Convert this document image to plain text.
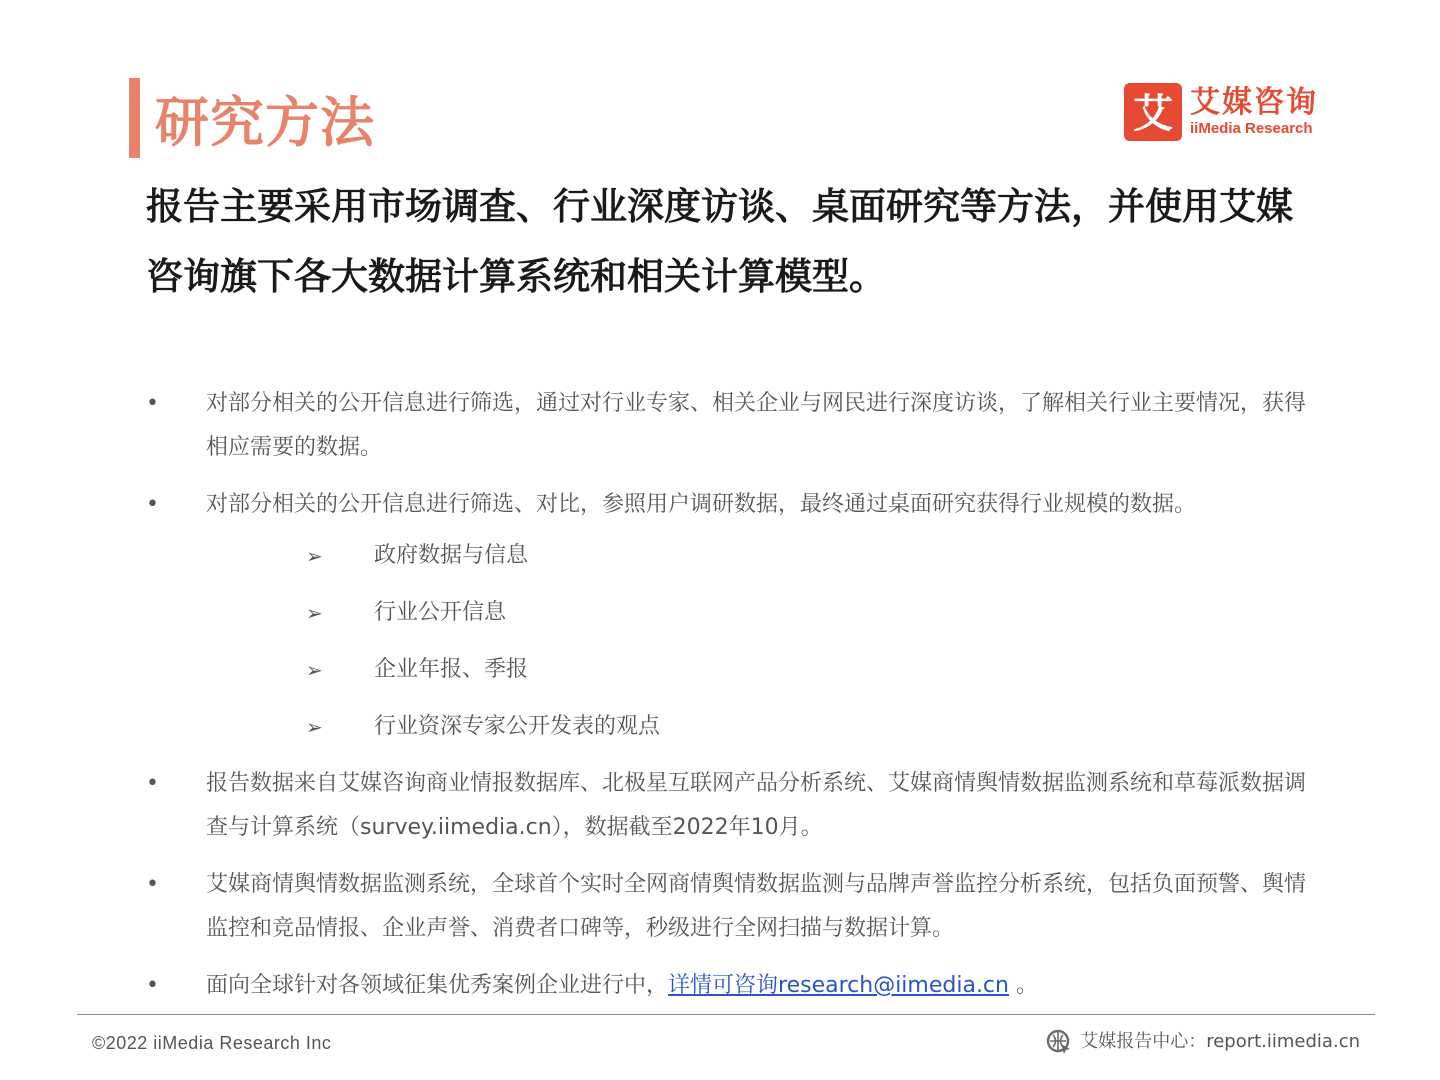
研究方法	艾 艾媒咨询
iiMedia Research

报告主要采用市场调查、行业深度访谈、桌面研究等方法，并使用艾媒咨询旗下各大数据计算系统和相关计算模型。

• 对部分相关的公开信息进行筛选，通过对行业专家、相关企业与网民进行深度访谈，了解相关行业主要情况，获得相应需要的数据。
• 对部分相关的公开信息进行筛选、对比，参照用户调研数据，最终通过桌面研究获得行业规模的数据。
➢ 政府数据与信息
➢ 行业公开信息
➢ 企业年报、季报
➢ 行业资深专家公开发表的观点
• 报告数据来自艾媒咨询商业情报数据库、北极星互联网产品分析系统、艾媒商情舆情数据监测系统和草莓派数据调查与计算系统（survey.iimedia.cn），数据截至2022年10月。
• 艾媒商情舆情数据监测系统，全球首个实时全网商情舆情数据监测与品牌声誉监控分析系统，包括负面预警、舆情监控和竞品情报、企业声誉、消费者口碑等，秒级进行全网扫描与数据计算。
• 面向全球针对各领域征集优秀案例企业进行中，详情可咨询research@iimedia.cn 。
©2022 iiMedia Research Inc	艾媒报告中心：report.iimedia.cn
